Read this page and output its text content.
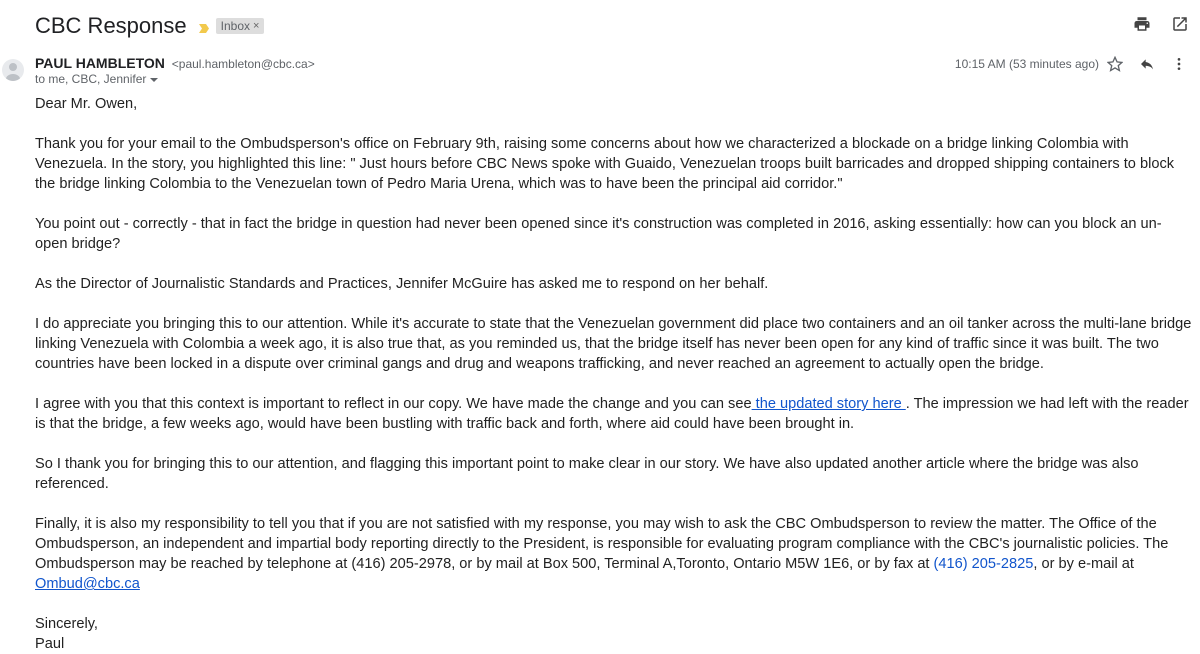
CBC Response	Inbox ×
PAUL HAMBLETON <paul.hambleton@cbc.ca>
to me, CBC, Jennifer
10:15 AM (53 minutes ago)

Dear Mr. Owen,

Thank you for your email to the Ombudsperson's office on February 9th, raising some concerns about how we characterized a blockade on a bridge linking Colombia with Venezuela. In the story, you highlighted this line: " Just hours before CBC News spoke with Guaido, Venezuelan troops built barricades and dropped shipping containers to block the bridge linking Colombia to the Venezuelan town of Pedro Maria Urena, which was to have been the principal aid corridor."

You point out - correctly - that in fact the bridge in question had never been opened since it's construction was completed in 2016, asking essentially: how can you block an un-open bridge?

As the Director of Journalistic Standards and Practices, Jennifer McGuire has asked me to respond on her behalf.

I do appreciate you bringing this to our attention. While it's accurate to state that the Venezuelan government did place two containers and an oil tanker across the multi-lane bridge linking Venezuela with Colombia a week ago, it is also true that, as you reminded us, that the bridge itself has never been open for any kind of traffic since it was built. The two countries have been locked in a dispute over criminal gangs and drug and weapons trafficking, and never reached an agreement to actually open the bridge.

I agree with you that this context is important to reflect in our copy. We have made the change and you can see the updated story here . The impression we had left with the reader is that the bridge, a few weeks ago, would have been bustling with traffic back and forth, where aid could have been brought in.

So I thank you for bringing this to our attention, and flagging this important point to make clear in our story. We have also updated another article where the bridge was also referenced.

Finally, it is also my responsibility to tell you that if you are not satisfied with my response, you may wish to ask the CBC Ombudsperson to review the matter. The Office of the Ombudsperson, an independent and impartial body reporting directly to the President, is responsible for evaluating program compliance with the CBC's journalistic policies. The Ombudsperson may be reached by telephone at (416) 205-2978, or by mail at Box 500, Terminal A,Toronto, Ontario M5W 1E6, or by fax at (416) 205-2825, or by e-mail at Ombud@cbc.ca

Sincerely,

Paul
